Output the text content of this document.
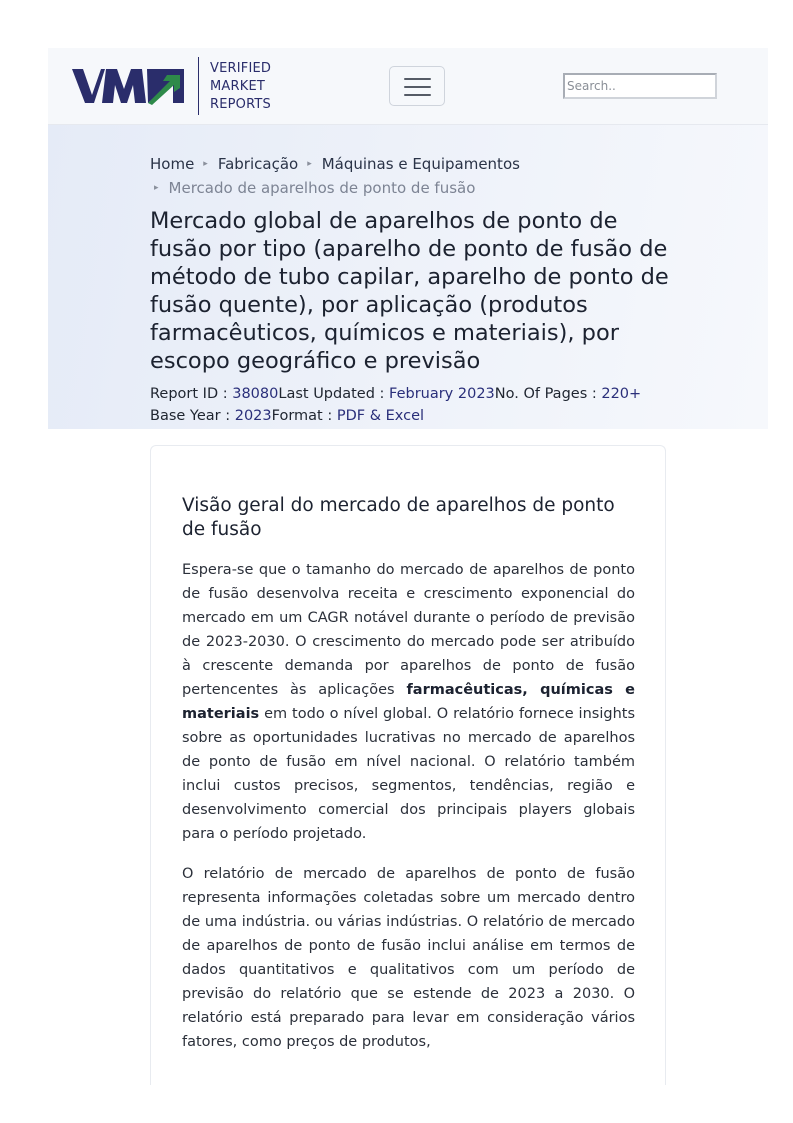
VERIFIED
MARKET
REPORTS
Search..
Home ▸ Fabricação ▸ Máquinas e Equipamentos
▸ Mercado de aparelhos de ponto de fusão
Mercado global de aparelhos de ponto de fusão por tipo (aparelho de ponto de fusão de método de tubo capilar, aparelho de ponto de fusão quente), por aplicação (produtos farmacêuticos, químicos e materiais), por escopo geográfico e previsão
Report ID : 38080Last Updated : February 2023No. Of Pages : 220+
Base Year : 2023Format : PDF & Excel
Visão geral do mercado de aparelhos de ponto de fusão

Espera-se que o tamanho do mercado de aparelhos de ponto de fusão desenvolva receita e crescimento exponencial do mercado em um CAGR notável durante o período de previsão de 2023-2030. O crescimento do mercado pode ser atribuído à crescente demanda por aparelhos de ponto de fusão pertencentes às aplicações farmacêuticas, químicas e materiais em todo o nível global. O relatório fornece insights sobre as oportunidades lucrativas no mercado de aparelhos de ponto de fusão em nível nacional. O relatório também inclui custos precisos, segmentos, tendências, região e desenvolvimento comercial dos principais players globais para o período projetado.

O relatório de mercado de aparelhos de ponto de fusão representa informações coletadas sobre um mercado dentro de uma indústria. ou várias indústrias. O relatório de mercado de aparelhos de ponto de fusão inclui análise em termos de dados quantitativos e qualitativos com um período de previsão do relatório que se estende de 2023 a 2030. O relatório está preparado para levar em consideração vários fatores, como preços de produtos,
